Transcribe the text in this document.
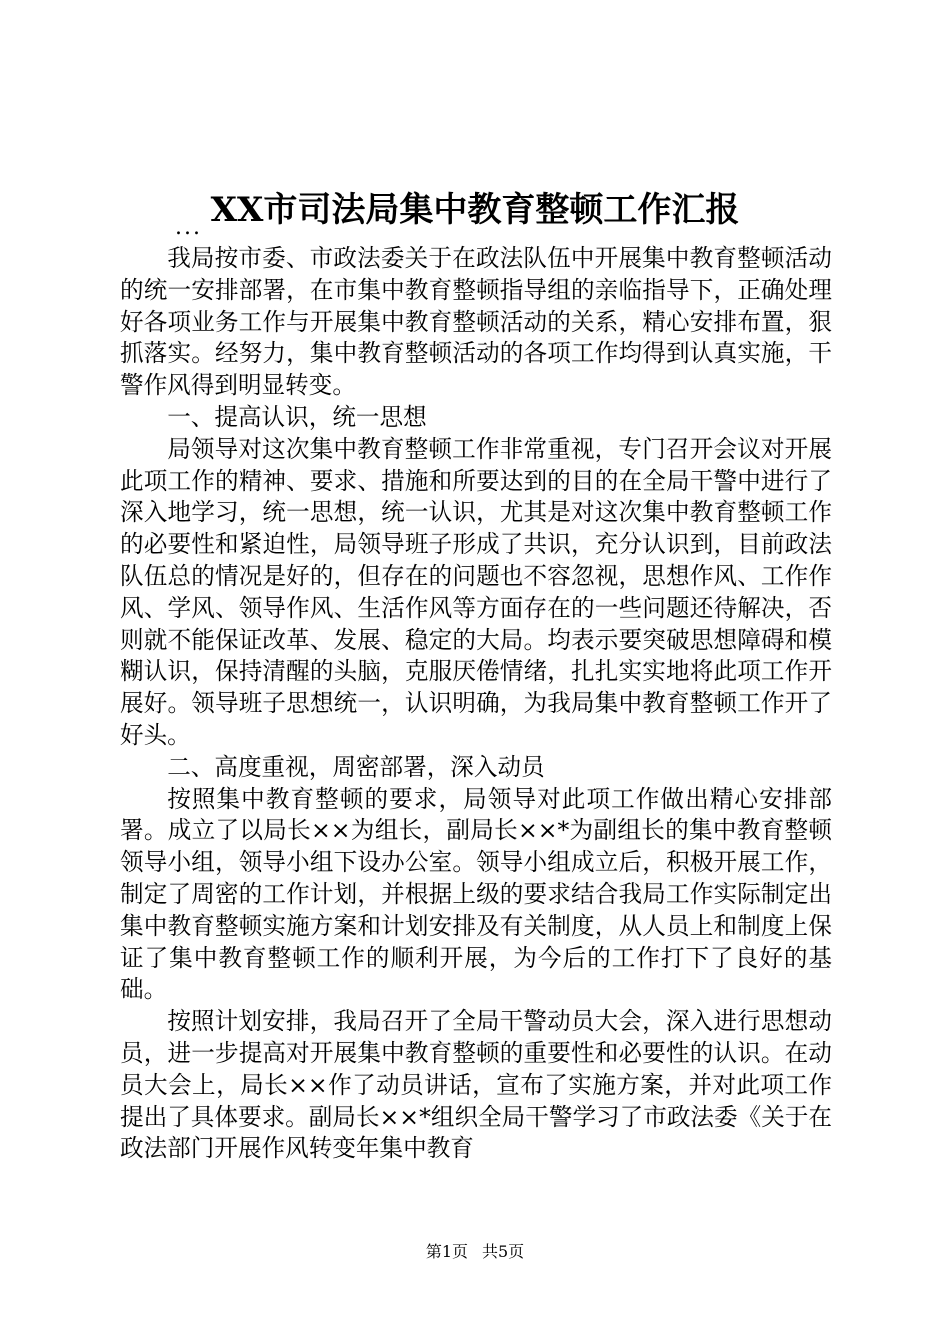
XX市司法局集中教育整顿工作汇报
...

我局按市委、市政法委关于在政法队伍中开展集中教育整顿活动的统一安排部署，在市集中教育整顿指导组的亲临指导下，正确处理好各项业务工作与开展集中教育整顿活动的关系，精心安排布置，狠抓落实。经努力，集中教育整顿活动的各项工作均得到认真实施，干警作风得到明显转变。

一、提高认识，统一思想

局领导对这次集中教育整顿工作非常重视，专门召开会议对开展此项工作的精神、要求、措施和所要达到的目的在全局干警中进行了深入地学习，统一思想，统一认识，尤其是对这次集中教育整顿工作的必要性和紧迫性，局领导班子形成了共识，充分认识到，目前政法队伍总的情况是好的，但存在的问题也不容忽视，思想作风、工作作风、学风、领导作风、生活作风等方面存在的一些问题还待解决，否则就不能保证改革、发展、稳定的大局。均表示要突破思想障碍和模糊认识，保持清醒的头脑，克服厌倦情绪，扎扎实实地将此项工作开展好。领导班子思想统一，认识明确，为我局集中教育整顿工作开了好头。

二、高度重视，周密部署，深入动员

按照集中教育整顿的要求，局领导对此项工作做出精心安排部署。成立了以局长××为组长，副局长××*为副组长的集中教育整顿领导小组，领导小组下设办公室。领导小组成立后，积极开展工作，制定了周密的工作计划，并根据上级的要求结合我局工作实际制定出集中教育整顿实施方案和计划安排及有关制度，从人员上和制度上保证了集中教育整顿工作的顺利开展，为今后的工作打下了良好的基础。

按照计划安排，我局召开了全局干警动员大会，深入进行思想动员，进一步提高对开展集中教育整顿的重要性和必要性的认识。在动员大会上，局长××作了动员讲话，宣布了实施方案，并对此项工作提出了具体要求。副局长××*组织全局干警学习了市政法委《关于在政法部门开展作风转变年集中教育

第1页 共5页
